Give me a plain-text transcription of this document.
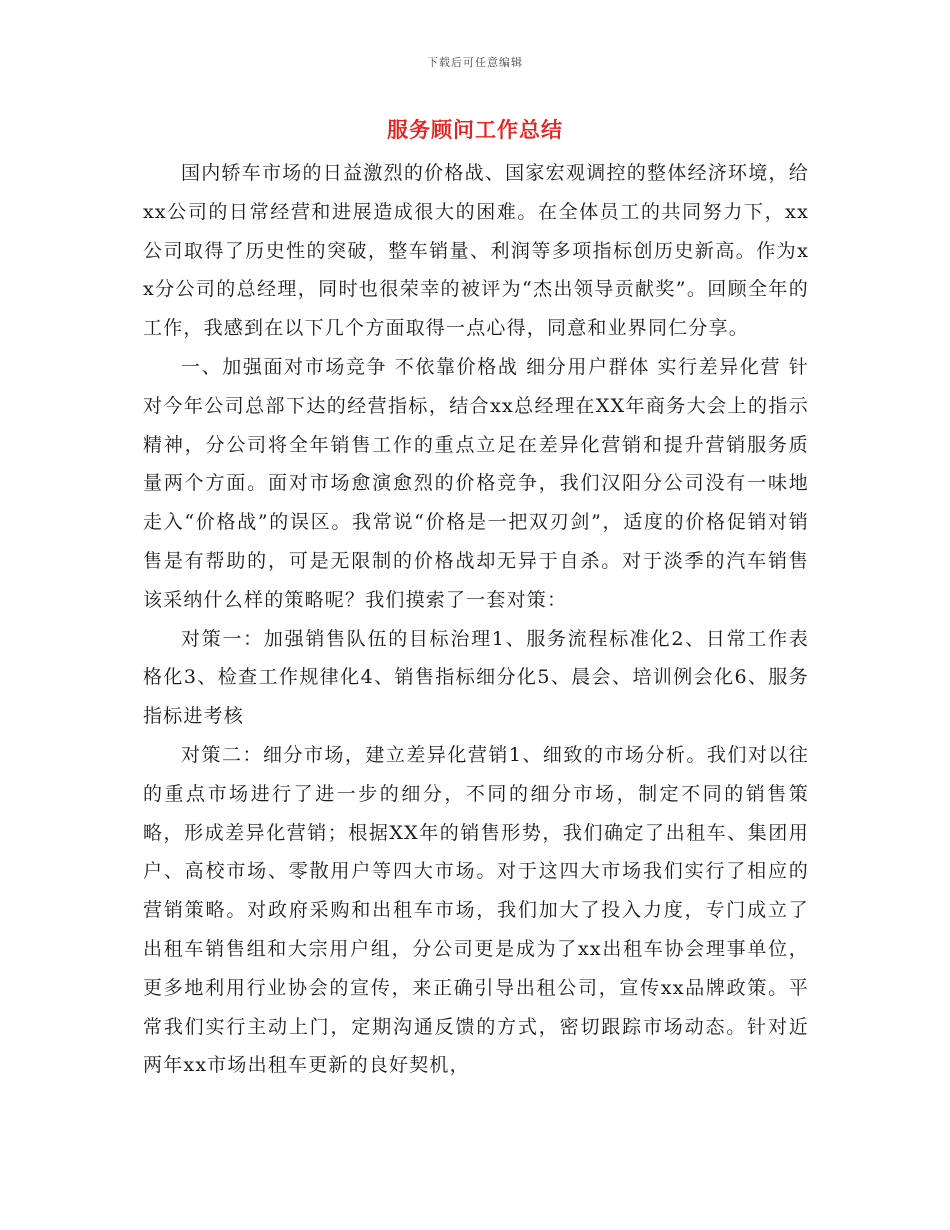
下载后可任意编辑
服务顾问工作总结

国内轿车市场的日益激烈的价格战、国家宏观调控的整体经济环境，给xx公司的日常经营和进展造成很大的困难。在全体员工的共同努力下，xx公司取得了历史性的突破，整车销量、利润等多项指标创历史新高。作为xx分公司的总经理，同时也很荣幸的被评为“杰出领导贡献奖”。回顾全年的工作，我感到在以下几个方面取得一点心得，同意和业界同仁分享。

一、加强面对市场竞争 不依靠价格战 细分用户群体 实行差异化营 针对今年公司总部下达的经营指标，结合xx总经理在XX年商务大会上的指示精神，分公司将全年销售工作的重点立足在差异化营销和提升营销服务质量两个方面。面对市场愈演愈烈的价格竞争，我们汉阳分公司没有一味地走入“价格战”的误区。我常说“价格是一把双刃剑”，适度的价格促销对销售是有帮助的，可是无限制的价格战却无异于自杀。对于淡季的汽车销售该采纳什么样的策略呢？我们摸索了一套对策：

对策一：加强销售队伍的目标治理1、服务流程标准化2、日常工作表格化3、检查工作规律化4、销售指标细分化5、晨会、培训例会化6、服务指标进考核

对策二：细分市场，建立差异化营销1、细致的市场分析。我们对以往的重点市场进行了进一步的细分，不同的细分市场，制定不同的销售策略，形成差异化营销；根据XX年的销售形势，我们确定了出租车、集团用户、高校市场、零散用户等四大市场。对于这四大市场我们实行了相应的营销策略。对政府采购和出租车市场，我们加大了投入力度，专门成立了出租车销售组和大宗用户组，分公司更是成为了xx出租车协会理事单位，更多地利用行业协会的宣传，来正确引导出租公司，宣传xx品牌政策。平常我们实行主动上门，定期沟通反馈的方式，密切跟踪市场动态。针对近两年xx市场出租车更新的良好契机，
